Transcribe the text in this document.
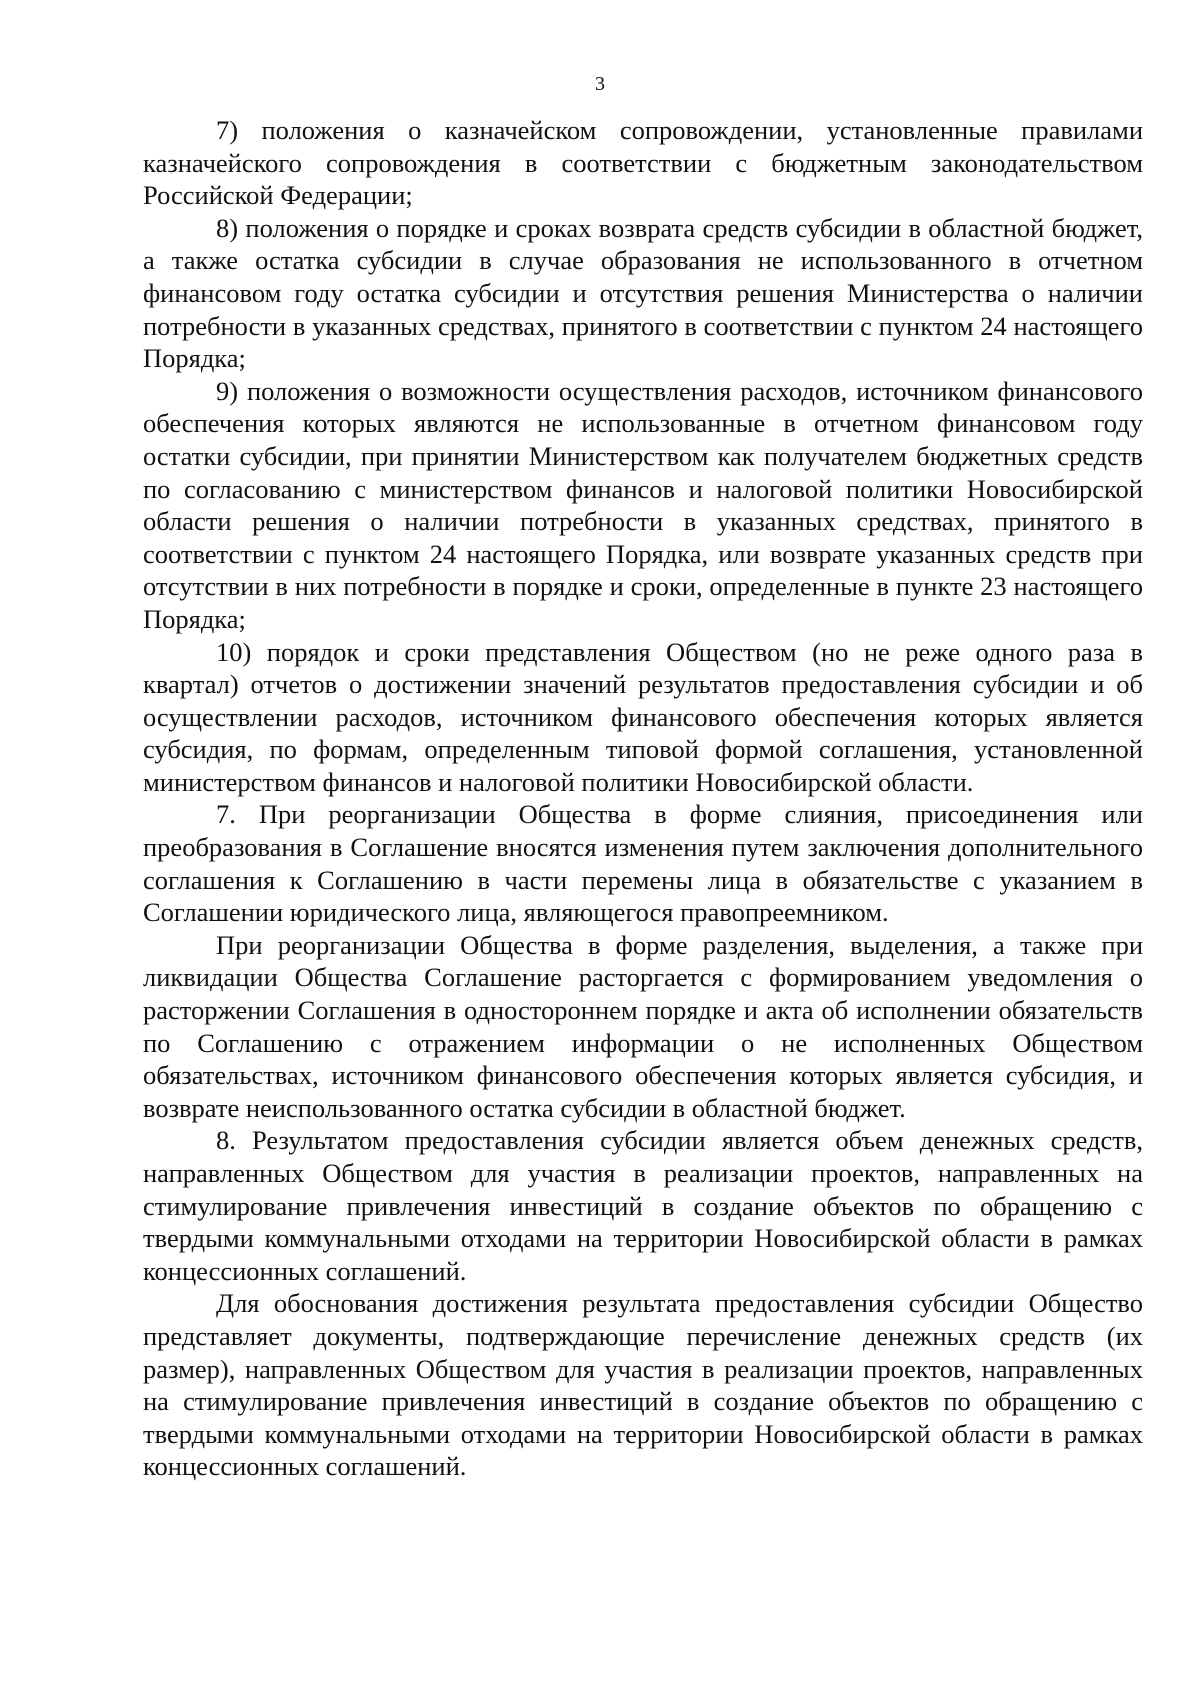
3

7) положения о казначейском сопровождении, установленные правилами казначейского сопровождения в соответствии с бюджетным законодательством Российской Федерации;

8) положения о порядке и сроках возврата средств субсидии в областной бюджет, а также остатка субсидии в случае образования не использованного в отчетном финансовом году остатка субсидии и отсутствия решения Министерства о наличии потребности в указанных средствах, принятого в соответствии с пунктом 24 настоящего Порядка;

9) положения о возможности осуществления расходов, источником финансового обеспечения которых являются не использованные в отчетном финансовом году остатки субсидии, при принятии Министерством как получателем бюджетных средств по согласованию с министерством финансов и налоговой политики Новосибирской области решения о наличии потребности в указанных средствах, принятого в соответствии с пунктом 24 настоящего Порядка, или возврате указанных средств при отсутствии в них потребности в порядке и сроки, определенные в пункте 23 настоящего Порядка;

10) порядок и сроки представления Обществом (но не реже одного раза в квартал) отчетов о достижении значений результатов предоставления субсидии и об осуществлении расходов, источником финансового обеспечения которых является субсидия, по формам, определенным типовой формой соглашения, установленной министерством финансов и налоговой политики Новосибирской области.

7. При реорганизации Общества в форме слияния, присоединения или преобразования в Соглашение вносятся изменения путем заключения дополнительного соглашения к Соглашению в части перемены лица в обязательстве с указанием в Соглашении юридического лица, являющегося правопреемником.

При реорганизации Общества в форме разделения, выделения, а также при ликвидации Общества Соглашение расторгается с формированием уведомления о расторжении Соглашения в одностороннем порядке и акта об исполнении обязательств по Соглашению с отражением информации о не исполненных Обществом обязательствах, источником финансового обеспечения которых является субсидия, и возврате неиспользованного остатка субсидии в областной бюджет.

8. Результатом предоставления субсидии является объем денежных средств, направленных Обществом для участия в реализации проектов, направленных на стимулирование привлечения инвестиций в создание объектов по обращению с твердыми коммунальными отходами на территории Новосибирской области в рамках концессионных соглашений.

Для обоснования достижения результата предоставления субсидии Общество представляет документы, подтверждающие перечисление денежных средств (их размер), направленных Обществом для участия в реализации проектов, направленных на стимулирование привлечения инвестиций в создание объектов по обращению с твердыми коммунальными отходами на территории Новосибирской области в рамках концессионных соглашений.
